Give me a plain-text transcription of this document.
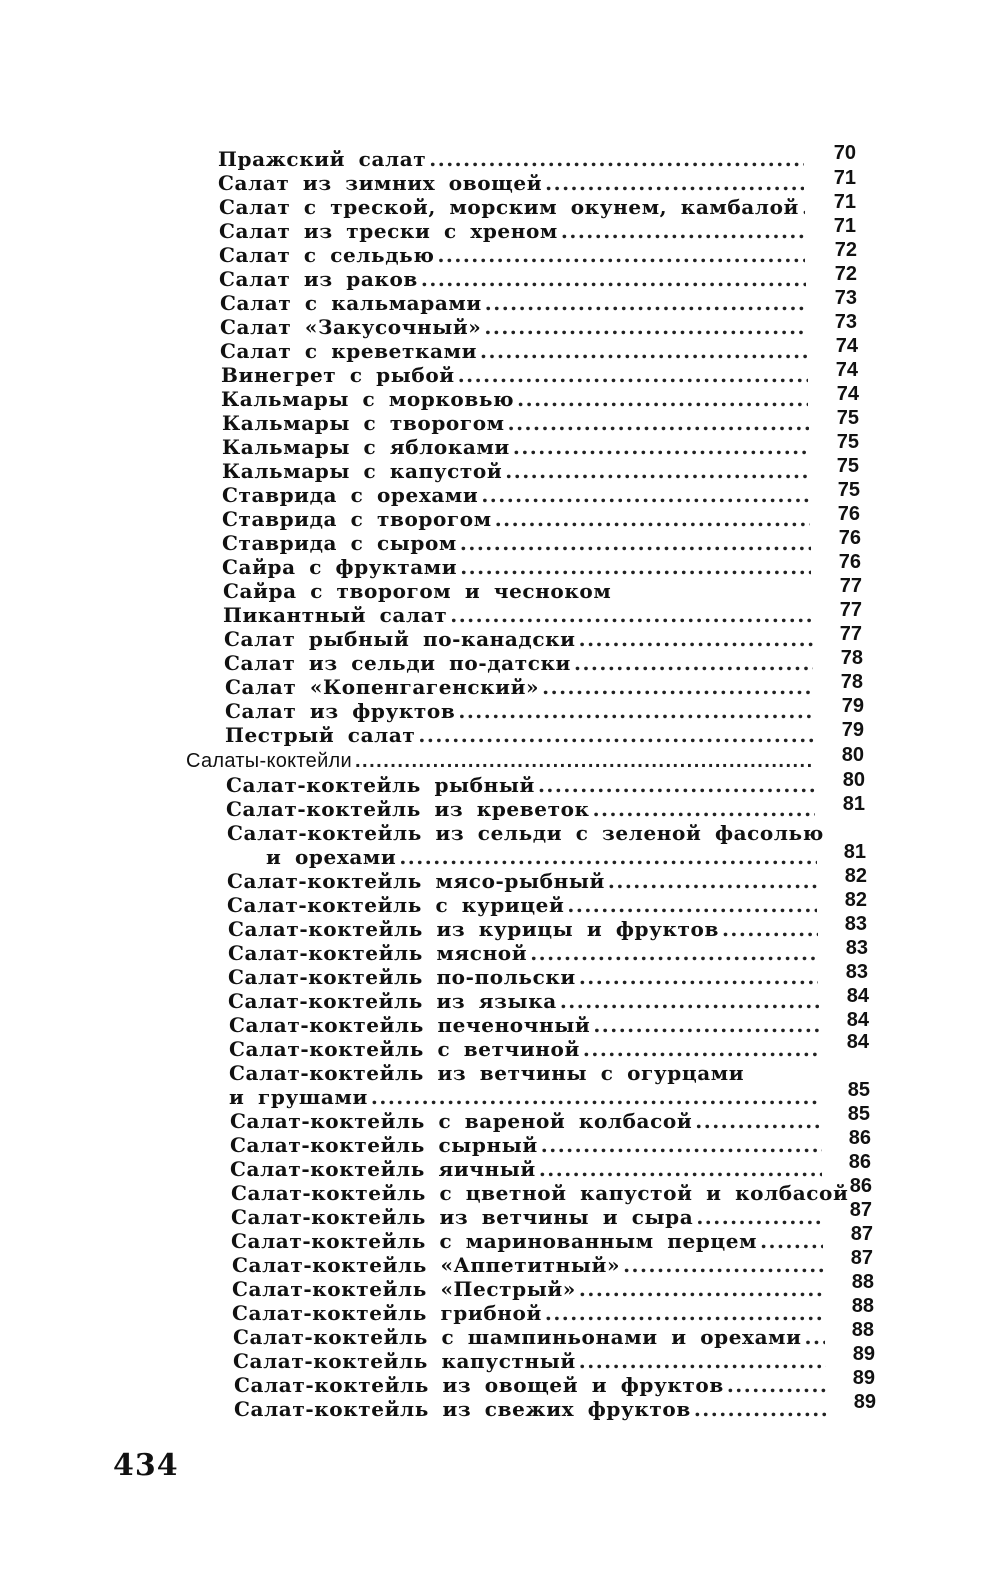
Пражский салат .....	70
Салат из зимних овощей .....	71
Салат с треской, морским окунем, камбалой .....	71
Салат из трески с хреном .....	71
Салат с сельдью .....	72
Салат из раков .....	72
Салат с кальмарами .....	73
Салат «Закусочный» .....	73
Салат с креветками .....	74
Винегрет с рыбой .....	74
Кальмары с морковью .....	74
Кальмары с творогом .....	75
Кальмары с яблоками .....	75
Кальмары с капустой .....	75
Ставрида с орехами .....	75
Ставрида с творогом .....	76
Ставрида с сыром .....	76
Сайра с фруктами .....	76
Сайра с творогом и чесноком	77
Пикантный салат .....	77
Салат рыбный по-канадски .....	77
Салат из сельди по-датски .....	78
Салат «Копенгагенский» .....	78
Салат из фруктов .....	79
Пестрый салат .....	79
Салаты-коктейли .....	80
Салат-коктейль рыбный .....	80
Салат-коктейль из креветок .....	81
Салат-коктейль из сельди с зеленой фасолью
и орехами .....	81
Салат-коктейль мясо-рыбный .....	82
Салат-коктейль с курицей .....	82
Салат-коктейль из курицы и фруктов .....	83
Салат-коктейль мясной .....	83
Салат-коктейль по-польски .....	83
Салат-коктейль из языка .....	84
Салат-коктейль печеночный .....	84
Салат-коктейль с ветчиной .....	84
Салат-коктейль из ветчины с огурцами
и грушами .....	85
Салат-коктейль с вареной колбасой .....	85
Салат-коктейль сырный .....	86
Салат-коктейль яичный .....	86
Салат-коктейль с цветной капустой и колбасой 86
Салат-коктейль из ветчины и сыра .....	87
Салат-коктейль с маринованным перцем .....	87
Салат-коктейль «Аппетитный» .....	87
Салат-коктейль «Пестрый» .....	88
Салат-коктейль грибной .....	88
Салат-коктейль с шампиньонами и орехами .....	88
Салат-коктейль капустный .....	89
Салат-коктейль из овощей и фруктов .....	89
Салат-коктейль из свежих фруктов .....	89
434
